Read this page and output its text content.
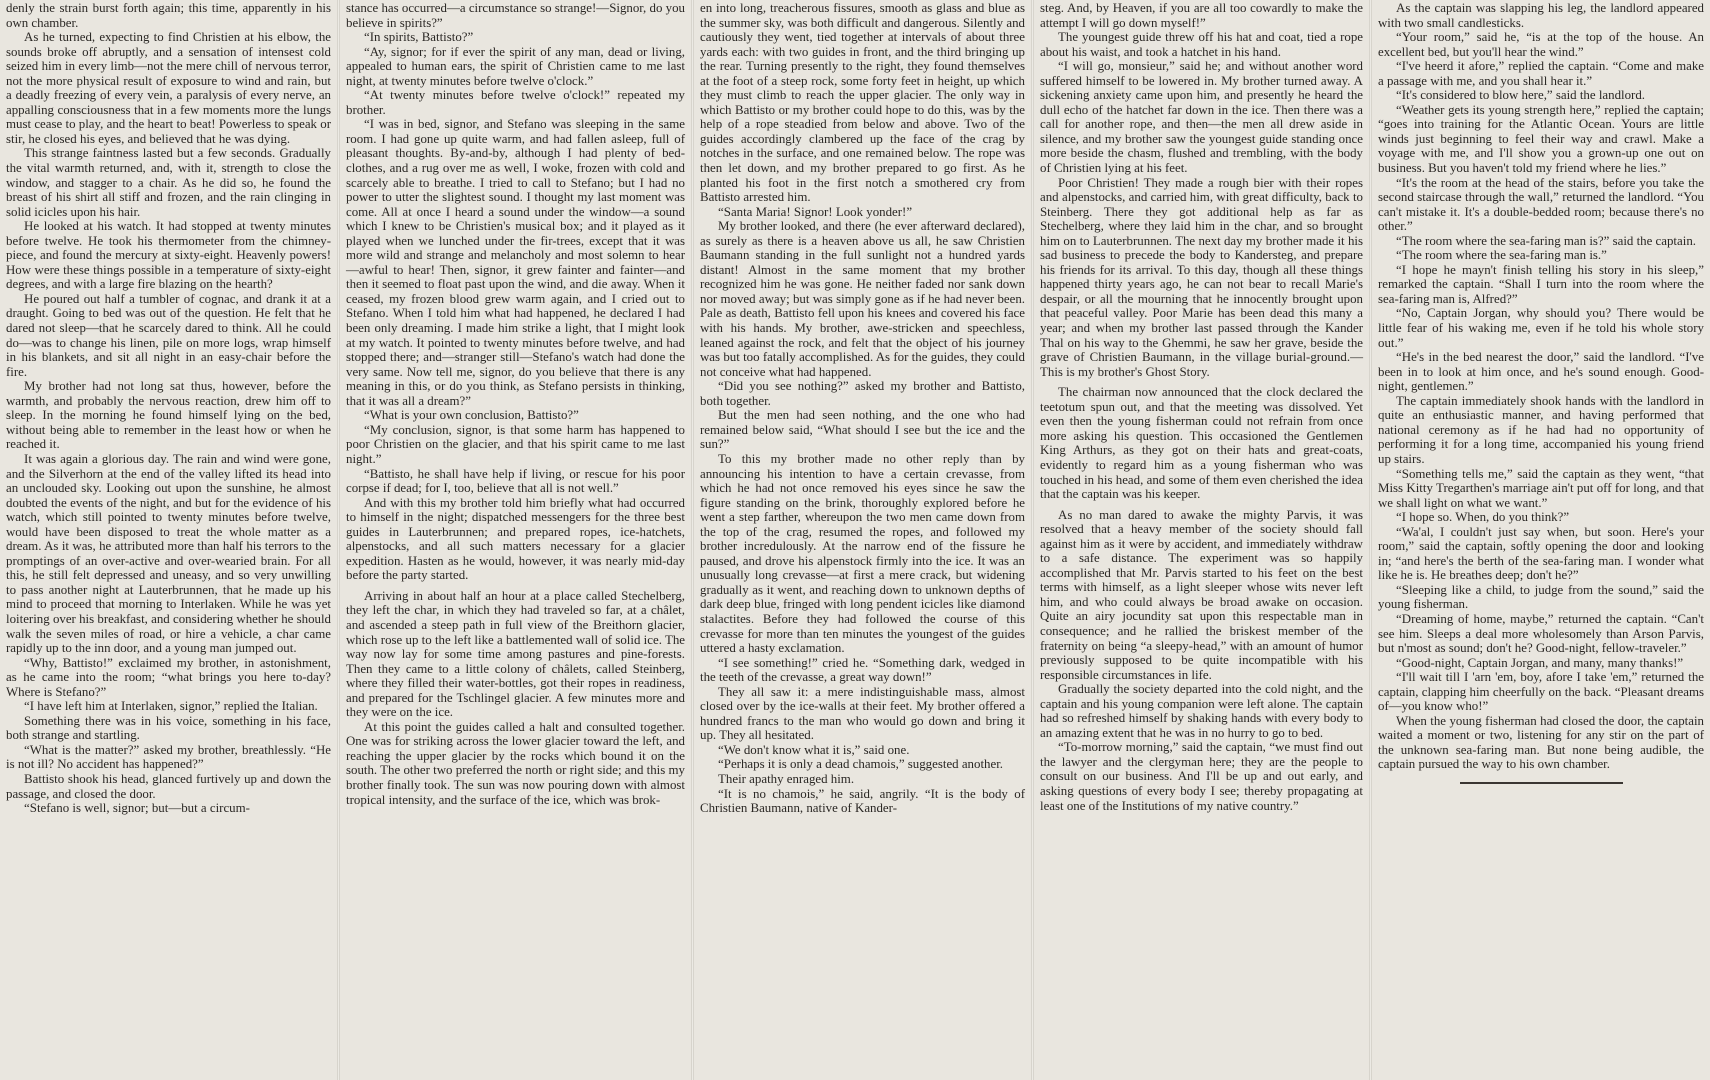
denly the strain burst forth again; this time, apparently in his own chamber.

As he turned, expecting to find Christien at his elbow, the sounds broke off abruptly, and a sensation of intensest cold seized him in every limb—not the mere chill of nervous terror, not the more physical result of exposure to wind and rain, but a deadly freezing of every vein, a paralysis of every nerve, an appalling consciousness that in a few moments more the lungs must cease to play, and the heart to beat! Powerless to speak or stir, he closed his eyes, and believed that he was dying.

This strange faintness lasted but a few seconds. Gradually the vital warmth returned, and, with it, strength to close the window, and stagger to a chair. As he did so, he found the breast of his shirt all stiff and frozen, and the rain clinging in solid icicles upon his hair.

He looked at his watch. It had stopped at twenty minutes before twelve. He took his thermometer from the chimney-piece, and found the mercury at sixty-eight. Heavenly powers! How were these things possible in a temperature of sixty-eight degrees, and with a large fire blazing on the hearth?

He poured out half a tumbler of cognac, and drank it at a draught. Going to bed was out of the question. He felt that he dared not sleep—that he scarcely dared to think. All he could do—was to change his linen, pile on more logs, wrap himself in his blankets, and sit all night in an easy-chair before the fire.

My brother had not long sat thus, however, before the warmth, and probably the nervous reaction, drew him off to sleep. In the morning he found himself lying on the bed, without being able to remember in the least how or when he reached it.

It was again a glorious day. The rain and wind were gone, and the Silverhorn at the end of the valley lifted its head into an unclouded sky. Looking out upon the sunshine, he almost doubted the events of the night, and but for the evidence of his watch, which still pointed to twenty minutes before twelve, would have been disposed to treat the whole matter as a dream. As it was, he attributed more than half his terrors to the promptings of an over-active and over-wearied brain. For all this, he still felt depressed and uneasy, and so very unwilling to pass another night at Lauterbrunnen, that he made up his mind to proceed that morning to Interlaken. While he was yet loitering over his breakfast, and considering whether he should walk the seven miles of road, or hire a vehicle, a char came rapidly up to the inn door, and a young man jumped out.

“Why, Battisto!” exclaimed my brother, in astonishment, as he came into the room; “what brings you here to-day? Where is Stefano?”

“I have left him at Interlaken, signor,” replied the Italian.

Something there was in his voice, something in his face, both strange and startling.

“What is the matter?” asked my brother, breathlessly. “He is not ill? No accident has happened?”

Battisto shook his head, glanced furtively up and down the passage, and closed the door.

“Stefano is well, signor; but—but a circum-

stance has occurred—a circumstance so strange!—Signor, do you believe in spirits?”

“In spirits, Battisto?”

“Ay, signor; for if ever the spirit of any man, dead or living, appealed to human ears, the spirit of Christien came to me last night, at twenty minutes before twelve o'clock.”

“At twenty minutes before twelve o'clock!” repeated my brother.

“I was in bed, signor, and Stefano was sleeping in the same room. I had gone up quite warm, and had fallen asleep, full of pleasant thoughts. By-and-by, although I had plenty of bed-clothes, and a rug over me as well, I woke, frozen with cold and scarcely able to breathe. I tried to call to Stefano; but I had no power to utter the slightest sound. I thought my last moment was come. All at once I heard a sound under the window—a sound which I knew to be Christien's musical box; and it played as it played when we lunched under the fir-trees, except that it was more wild and strange and melancholy and most solemn to hear—awful to hear! Then, signor, it grew fainter and fainter—and then it seemed to float past upon the wind, and die away. When it ceased, my frozen blood grew warm again, and I cried out to Stefano. When I told him what had happened, he declared I had been only dreaming. I made him strike a light, that I might look at my watch. It pointed to twenty minutes before twelve, and had stopped there; and—stranger still—Stefano's watch had done the very same. Now tell me, signor, do you believe that there is any meaning in this, or do you think, as Stefano persists in thinking, that it was all a dream?”

“What is your own conclusion, Battisto?”

“My conclusion, signor, is that some harm has happened to poor Christien on the glacier, and that his spirit came to me last night.”

“Battisto, he shall have help if living, or rescue for his poor corpse if dead; for I, too, believe that all is not well.”

And with this my brother told him briefly what had occurred to himself in the night; dispatched messengers for the three best guides in Lauterbrunnen; and prepared ropes, ice-hatchets, alpenstocks, and all such matters necessary for a glacier expedition. Hasten as he would, however, it was nearly mid-day before the party started.

Arriving in about half an hour at a place called Stechelberg, they left the char, in which they had traveled so far, at a châlet, and ascended a steep path in full view of the Breithorn glacier, which rose up to the left like a battlemented wall of solid ice. The way now lay for some time among pastures and pine-forests. Then they came to a little colony of châlets, called Steinberg, where they filled their water-bottles, got their ropes in readiness, and prepared for the Tschlingel glacier. A few minutes more and they were on the ice.

At this point the guides called a halt and consulted together. One was for striking across the lower glacier toward the left, and reaching the upper glacier by the rocks which bound it on the south. The other two preferred the north or right side; and this my brother finally took. The sun was now pouring down with almost tropical intensity, and the surface of the ice, which was brok-

en into long, treacherous fissures, smooth as glass and blue as the summer sky, was both difficult and dangerous. Silently and cautiously they went, tied together at intervals of about three yards each: with two guides in front, and the third bringing up the rear. Turning presently to the right, they found themselves at the foot of a steep rock, some forty feet in height, up which they must climb to reach the upper glacier. The only way in which Battisto or my brother could hope to do this, was by the help of a rope steadied from below and above. Two of the guides accordingly clambered up the face of the crag by notches in the surface, and one remained below. The rope was then let down, and my brother prepared to go first. As he planted his foot in the first notch a smothered cry from Battisto arrested him.

“Santa Maria! Signor! Look yonder!”

My brother looked, and there (he ever afterward declared), as surely as there is a heaven above us all, he saw Christien Baumann standing in the full sunlight not a hundred yards distant! Almost in the same moment that my brother recognized him he was gone. He neither faded nor sank down nor moved away; but was simply gone as if he had never been. Pale as death, Battisto fell upon his knees and covered his face with his hands. My brother, awe-stricken and speechless, leaned against the rock, and felt that the object of his journey was but too fatally accomplished. As for the guides, they could not conceive what had happened.

“Did you see nothing?” asked my brother and Battisto, both together.

But the men had seen nothing, and the one who had remained below said, “What should I see but the ice and the sun?”

To this my brother made no other reply than by announcing his intention to have a certain crevasse, from which he had not once removed his eyes since he saw the figure standing on the brink, thoroughly explored before he went a step farther, whereupon the two men came down from the top of the crag, resumed the ropes, and followed my brother incredulously. At the narrow end of the fissure he paused, and drove his alpenstock firmly into the ice. It was an unusually long crevasse—at first a mere crack, but widening gradually as it went, and reaching down to unknown depths of dark deep blue, fringed with long pendent icicles like diamond stalactites. Before they had followed the course of this crevasse for more than ten minutes the youngest of the guides uttered a hasty exclamation.

“I see something!” cried he. “Something dark, wedged in the teeth of the crevasse, a great way down!”

They all saw it: a mere indistinguishable mass, almost closed over by the ice-walls at their feet. My brother offered a hundred francs to the man who would go down and bring it up. They all hesitated.

“We don't know what it is,” said one.

“Perhaps it is only a dead chamois,” suggested another.

Their apathy enraged him.

“It is no chamois,” he said, angrily. “It is the body of Christien Baumann, native of Kander-

steg. And, by Heaven, if you are all too cowardly to make the attempt I will go down myself!”

The youngest guide threw off his hat and coat, tied a rope about his waist, and took a hatchet in his hand.

“I will go, monsieur,” said he; and without another word suffered himself to be lowered in. My brother turned away. A sickening anxiety came upon him, and presently he heard the dull echo of the hatchet far down in the ice. Then there was a call for another rope, and then—the men all drew aside in silence, and my brother saw the youngest guide standing once more beside the chasm, flushed and trembling, with the body of Christien lying at his feet.

Poor Christien! They made a rough bier with their ropes and alpenstocks, and carried him, with great difficulty, back to Steinberg. There they got additional help as far as Stechelberg, where they laid him in the char, and so brought him on to Lauterbrunnen. The next day my brother made it his sad business to precede the body to Kandersteg, and prepare his friends for its arrival. To this day, though all these things happened thirty years ago, he can not bear to recall Marie's despair, or all the mourning that he innocently brought upon that peaceful valley. Poor Marie has been dead this many a year; and when my brother last passed through the Kander Thal on his way to the Ghemmi, he saw her grave, beside the grave of Christien Baumann, in the village burial-ground.—This is my brother's Ghost Story.

The chairman now announced that the clock declared the teetotum spun out, and that the meeting was dissolved. Yet even then the young fisherman could not refrain from once more asking his question. This occasioned the Gentlemen King Arthurs, as they got on their hats and great-coats, evidently to regard him as a young fisherman who was touched in his head, and some of them even cherished the idea that the captain was his keeper.

As no man dared to awake the mighty Parvis, it was resolved that a heavy member of the society should fall against him as it were by accident, and immediately withdraw to a safe distance. The experiment was so happily accomplished that Mr. Parvis started to his feet on the best terms with himself, as a light sleeper whose wits never left him, and who could always be broad awake on occasion. Quite an airy jocundity sat upon this respectable man in consequence; and he rallied the briskest member of the fraternity on being “a sleepy-head,” with an amount of humor previously supposed to be quite incompatible with his responsible circumstances in life.

Gradually the society departed into the cold night, and the captain and his young companion were left alone. The captain had so refreshed himself by shaking hands with every body to an amazing extent that he was in no hurry to go to bed.

“To-morrow morning,” said the captain, “we must find out the lawyer and the clergyman here; they are the people to consult on our business. And I'll be up and out early, and asking questions of every body I see; thereby propagating at least one of the Institutions of my native country.”

As the captain was slapping his leg, the landlord appeared with two small candlesticks.

“Your room,” said he, “is at the top of the house. An excellent bed, but you'll hear the wind.”

“I've heerd it afore,” replied the captain. “Come and make a passage with me, and you shall hear it.”

“It's considered to blow here,” said the landlord.

“Weather gets its young strength here,” replied the captain; “goes into training for the Atlantic Ocean. Yours are little winds just beginning to feel their way and crawl. Make a voyage with me, and I'll show you a grown-up one out on business. But you haven't told my friend where he lies.”

“It's the room at the head of the stairs, before you take the second staircase through the wall,” returned the landlord. “You can't mistake it. It's a double-bedded room; because there's no other.”

“The room where the sea-faring man is?” said the captain.

“The room where the sea-faring man is.”

“I hope he mayn't finish telling his story in his sleep,” remarked the captain. “Shall I turn into the room where the sea-faring man is, Alfred?”

“No, Captain Jorgan, why should you? There would be little fear of his waking me, even if he told his whole story out.”

“He's in the bed nearest the door,” said the landlord. “I've been in to look at him once, and he's sound enough. Good-night, gentlemen.”

The captain immediately shook hands with the landlord in quite an enthusiastic manner, and having performed that national ceremony as if he had had no opportunity of performing it for a long time, accompanied his young friend up stairs.

“Something tells me,” said the captain as they went, “that Miss Kitty Tregarthen's marriage ain't put off for long, and that we shall light on what we want.”

“I hope so. When, do you think?”

“Wa'al, I couldn't just say when, but soon. Here's your room,” said the captain, softly opening the door and looking in; “and here's the berth of the sea-faring man. I wonder what like he is. He breathes deep; don't he?”

“Sleeping like a child, to judge from the sound,” said the young fisherman.

“Dreaming of home, maybe,” returned the captain. “Can't see him. Sleeps a deal more wholesomely than Arson Parvis, but n'most as sound; don't he? Good-night, fellow-traveler.”

“Good-night, Captain Jorgan, and many, many thanks!”

“I'll wait till I 'arn 'em, boy, afore I take 'em,” returned the captain, clapping him cheerfully on the back. “Pleasant dreams of—you know who!”

When the young fisherman had closed the door, the captain waited a moment or two, listening for any stir on the part of the unknown sea-faring man. But none being audible, the captain pursued the way to his own chamber.
